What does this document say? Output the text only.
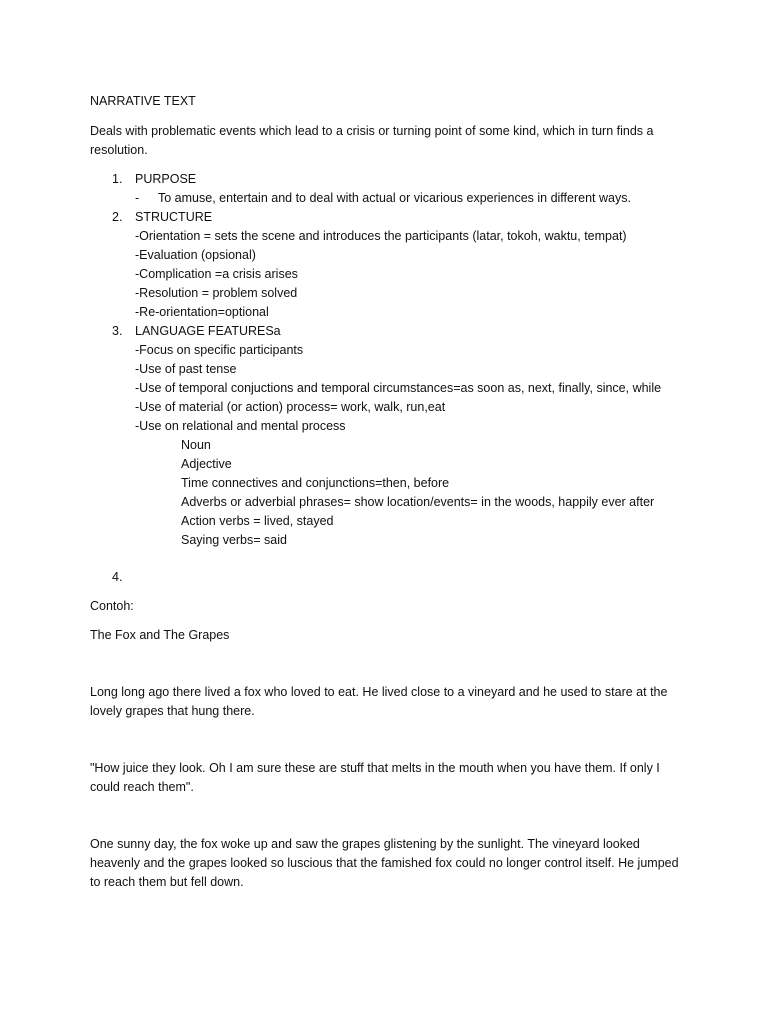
NARRATIVE TEXT

Deals with problematic events which lead to a crisis or turning point of some kind, which in turn finds a resolution.

1. PURPOSE
- To amuse, entertain and to deal with actual or vicarious experiences in different ways.
2. STRUCTURE
-Orientation = sets the scene and introduces the participants (latar, tokoh, waktu, tempat)
-Evaluation (opsional)
-Complication =a crisis arises
-Resolution = problem solved
-Re-orientation=optional
3. LANGUAGE FEATURESa
-Focus on specific participants
-Use of past tense
-Use of temporal conjuctions and temporal circumstances=as soon as, next, finally, since, while
-Use of material (or action) process= work, walk, run,eat
-Use on relational and mental process
Noun
Adjective
Time connectives and conjunctions=then, before
Adverbs or adverbial phrases= show location/events= in the woods, happily ever after
Action verbs = lived, stayed
Saying verbs= said
4.

Contoh:

The Fox and The Grapes

Long long ago there lived a fox who loved to eat. He lived close to a vineyard and he used to stare at the lovely grapes that hung there.

"How juice they look. Oh I am sure these are stuff that melts in the mouth when you have them. If only I could reach them".

One sunny day, the fox woke up and saw the grapes glistening by the sunlight. The vineyard looked heavenly and the grapes looked so luscious that the famished fox could no longer control itself. He jumped to reach them but fell down.
